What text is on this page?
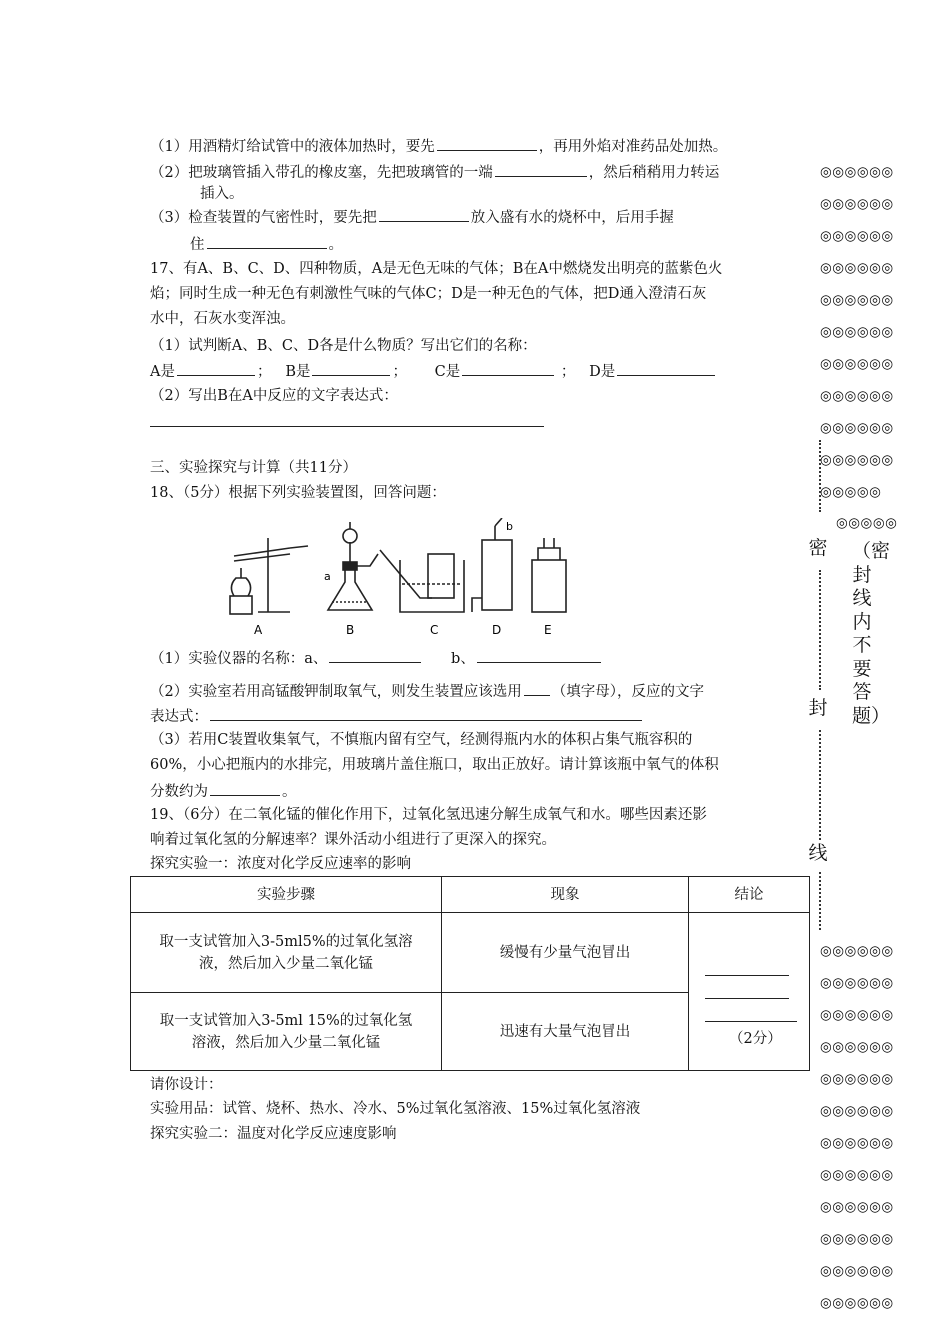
（1）用酒精灯给试管中的液体加热时，要先	，再用外焰对准药品处加热。
（2）把玻璃管插入带孔的橡皮塞，先把玻璃管的一端	，然后稍稍用力转运
插入。
（3）检查装置的气密性时，要先把	放入盛有水的烧杯中，后用手握
住	。
17、有A、B、C、D、四种物质，A是无色无味的气体；B在A中燃烧发出明亮的蓝紫色火
焰；同时生成一种无色有刺激性气味的气体C；D是一种无色的气体，把D通入澄清石灰
水中，石灰水变浑浊。
（1）试判断A、B、C、D各是什么物质？写出它们的名称：
A是	； B是	； C是	； D是
（2）写出B在A中反应的文字表达式：
三、实验探究与计算（共11分）
18、（5分）根据下列实验装置图，回答问题：
A	B	C	D	E
a
b
（1）实验仪器的名称：a、	b、
（2）实验室若用高锰酸钾制取氧气，则发生装置应该选用 （填字母），反应的文字
表达式：
（3）若用C装置收集氧气，不慎瓶内留有空气，经测得瓶内水的体积占集气瓶容积的
60%，小心把瓶内的水排完，用玻璃片盖住瓶口，取出正放好。请计算该瓶中氧气的体积
分数约为	。
19、（6分）在二氧化锰的催化作用下，过氧化氢迅速分解生成氧气和水。哪些因素还影
响着过氧化氢的分解速率？课外活动小组进行了更深入的探究。
探究实验一：浓度对化学反应速率的影响
实验步骤	现象	结论

取一支试管加入3-5ml5%的过氧化氢溶
液，然后加入少量二氧化锰	缓慢有少量气泡冒出	（2分）

取一支试管加入3-5ml 15%的过氧化氢
溶液，然后加入少量二氧化锰	迅速有大量气泡冒出	
请你设计：
实验用品：试管、烧杯、热水、冷水、5%过氧化氢溶液、15%过氧化氢溶液
探究实验二：温度对化学反应速度影响
◎◎◎◎◎◎
◎◎◎◎◎◎
◎◎◎◎◎◎
◎◎◎◎◎◎
◎◎◎◎◎◎
◎◎◎◎◎◎
◎◎◎◎◎◎
◎◎◎◎◎◎
◎◎◎◎◎◎
◎◎◎◎◎◎
◎◎◎◎◎
◎◎◎◎◎
密
封
线
（密封线内不要答题）
◎◎◎◎◎◎
◎◎◎◎◎◎
◎◎◎◎◎◎
◎◎◎◎◎◎
◎◎◎◎◎◎
◎◎◎◎◎◎
◎◎◎◎◎◎
◎◎◎◎◎◎
◎◎◎◎◎◎
◎◎◎◎◎◎
◎◎◎◎◎◎
◎◎◎◎◎◎
